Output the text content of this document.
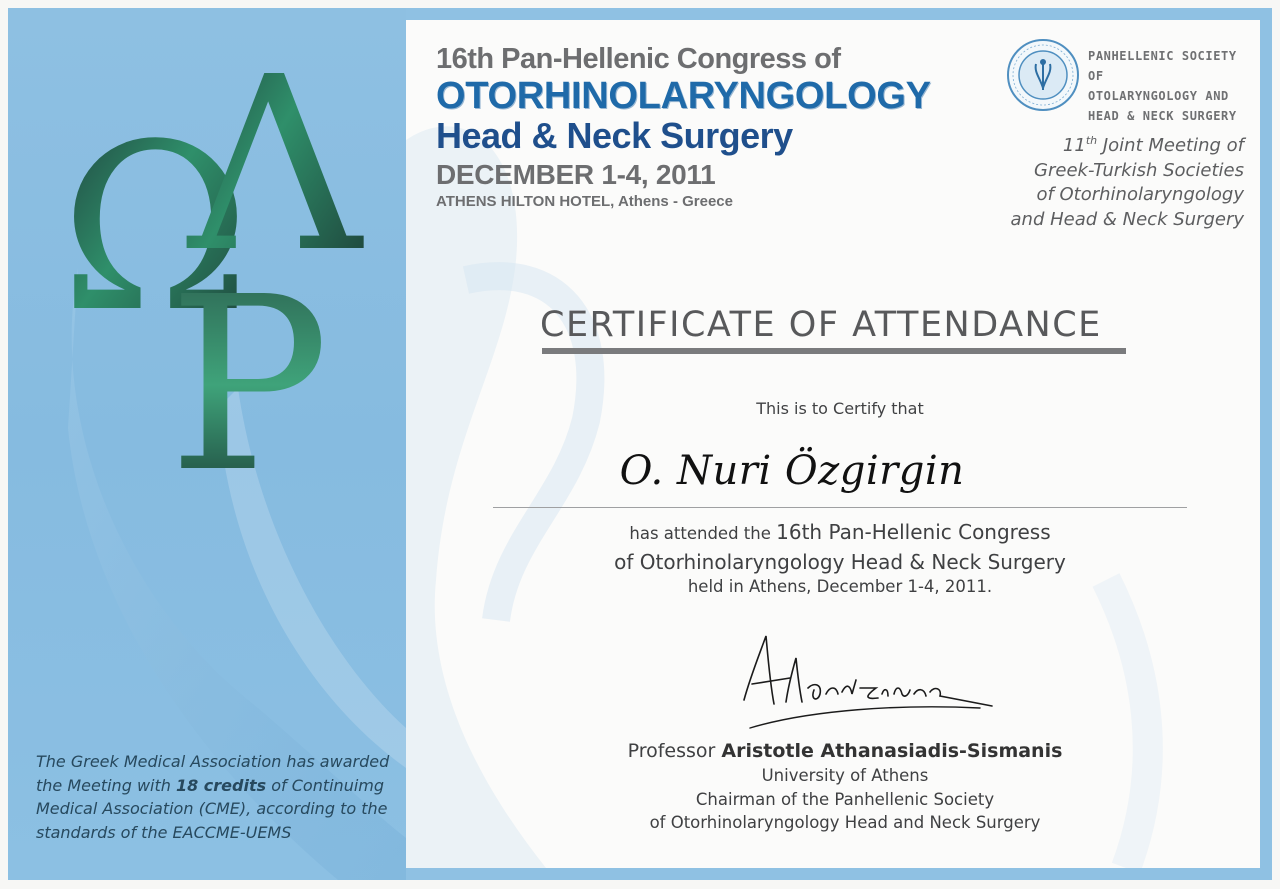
Ω
Λ
Ρ
The Greek Medical Association has awarded the Meeting with 18 credits of Continuimg Medical Association (CME), according to the standards of the EACCME-UEMS
16th Pan-Hellenic Congress of
OTORHINOLARYNGOLOGY
Head & Neck Surgery
DECEMBER 1-4, 2011
ATHENS HILTON HOTEL, Athens - Greece
PANHELLENIC SOCIETY OF
OTOLARYNGOLOGY AND
HEAD & NECK SURGERY
11th Joint Meeting of
Greek-Turkish Societies
of Otorhinolaryngology
and Head & Neck Surgery
CERTIFICATE OF ATTENDANCE
This is to Certify that
O. Nuri Özgirgin
has attended the 16th Pan-Hellenic Congress
of Otorhinolaryngology Head & Neck Surgery
held in Athens, December 1-4, 2011.
Professor Aristotle Athanasiadis-Sismanis
University of Athens
Chairman of the Panhellenic Society
of Otorhinolaryngology Head and Neck Surgery
